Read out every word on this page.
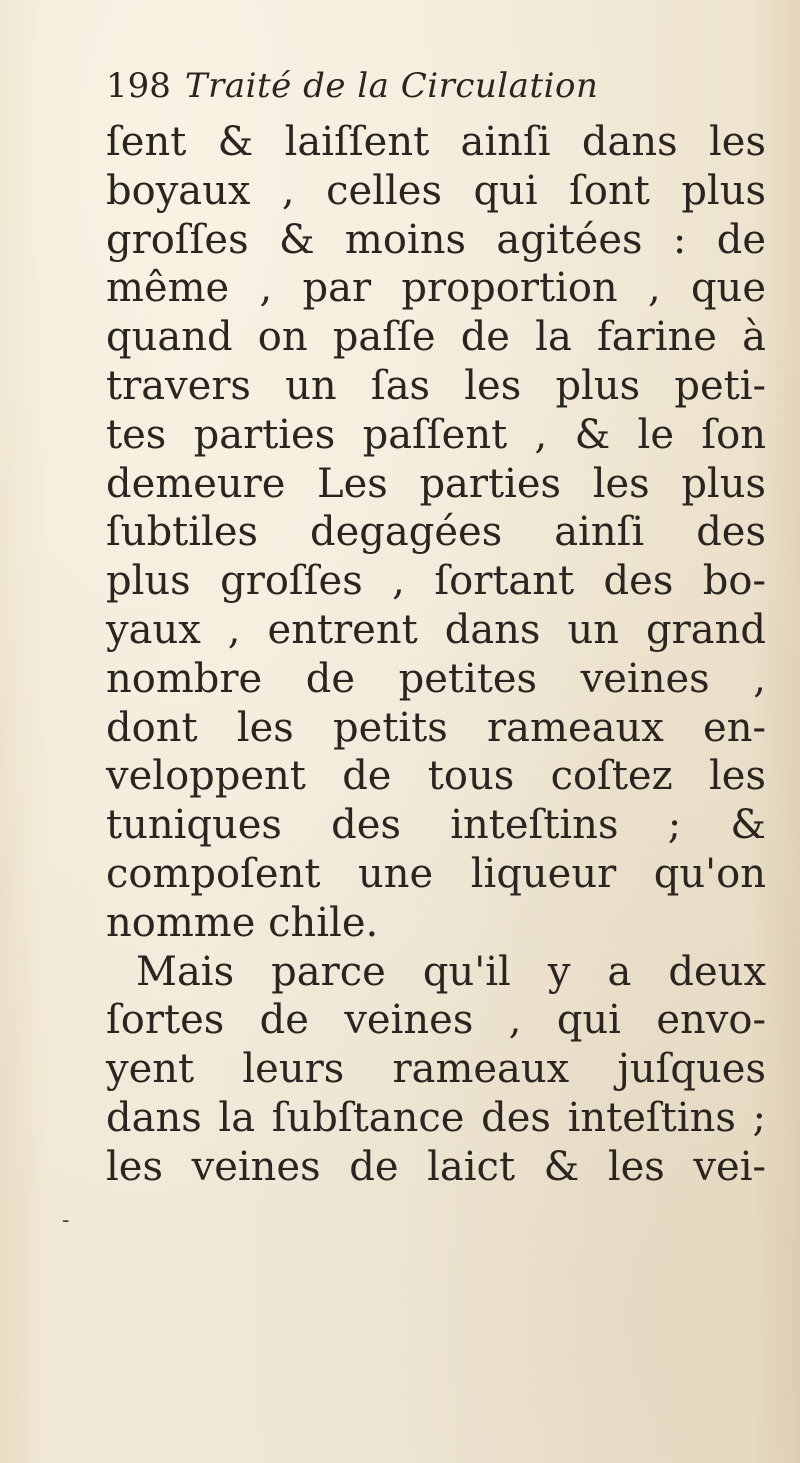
198 Traité de la Circulation
ſent & laiſſent ainſi dans les
boyaux , celles qui ſont plus
groſſes & moins agitées : de
même , par proportion , que
quand on paſſe de la farine à
travers un ſas les plus peti-
tes parties paſſent , & le ſon
demeure Les parties les plus
ſubtiles degagées ainſi des
plus groſſes , ſortant des bo-
yaux , entrent dans un grand
nombre de petites veines ,
dont les petits rameaux en-
veloppent de tous coſtez les
tuniques des inteſtins ; &
compoſent une liqueur qu'on
nomme chile.
Mais parce qu'il y a deux
ſortes de veines , qui envo-
yent leurs rameaux juſques
dans la ſubſtance des inteſtins ;
les veines de laict & les vei-
-
